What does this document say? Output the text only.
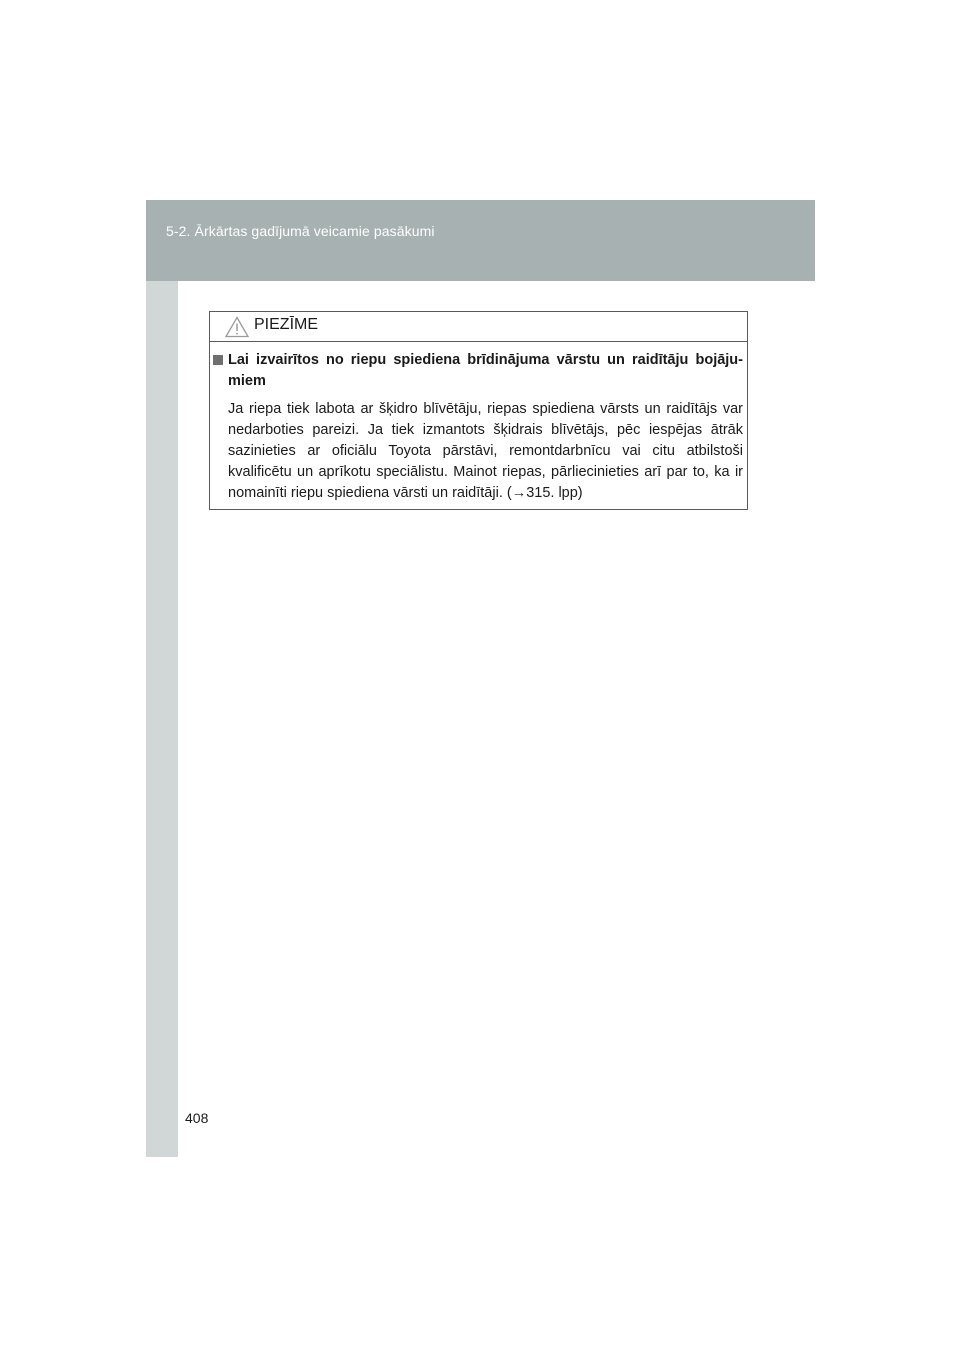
5-2. Ārkārtas gadījumā veicamie pasākumi
PIEZĪME
Lai izvairītos no riepu spiediena brīdinājuma vārstu un raidītāju bojāju-miem
Ja riepa tiek labota ar šķidro blīvētāju, riepas spiediena vārsts un raidītājs var nedarboties pareizi. Ja tiek izmantots šķidrais blīvētājs, pēc iespējas ātrāk sazinieties ar oficiālu Toyota pārstāvi, remontdarbnīcu vai citu atbilstoši kvalificētu un aprīkotu speciālistu. Mainot riepas, pārliecinieties arī par to, ka ir nomainīti riepu spiediena vārsti un raidītāji. (→315. lpp)
408
